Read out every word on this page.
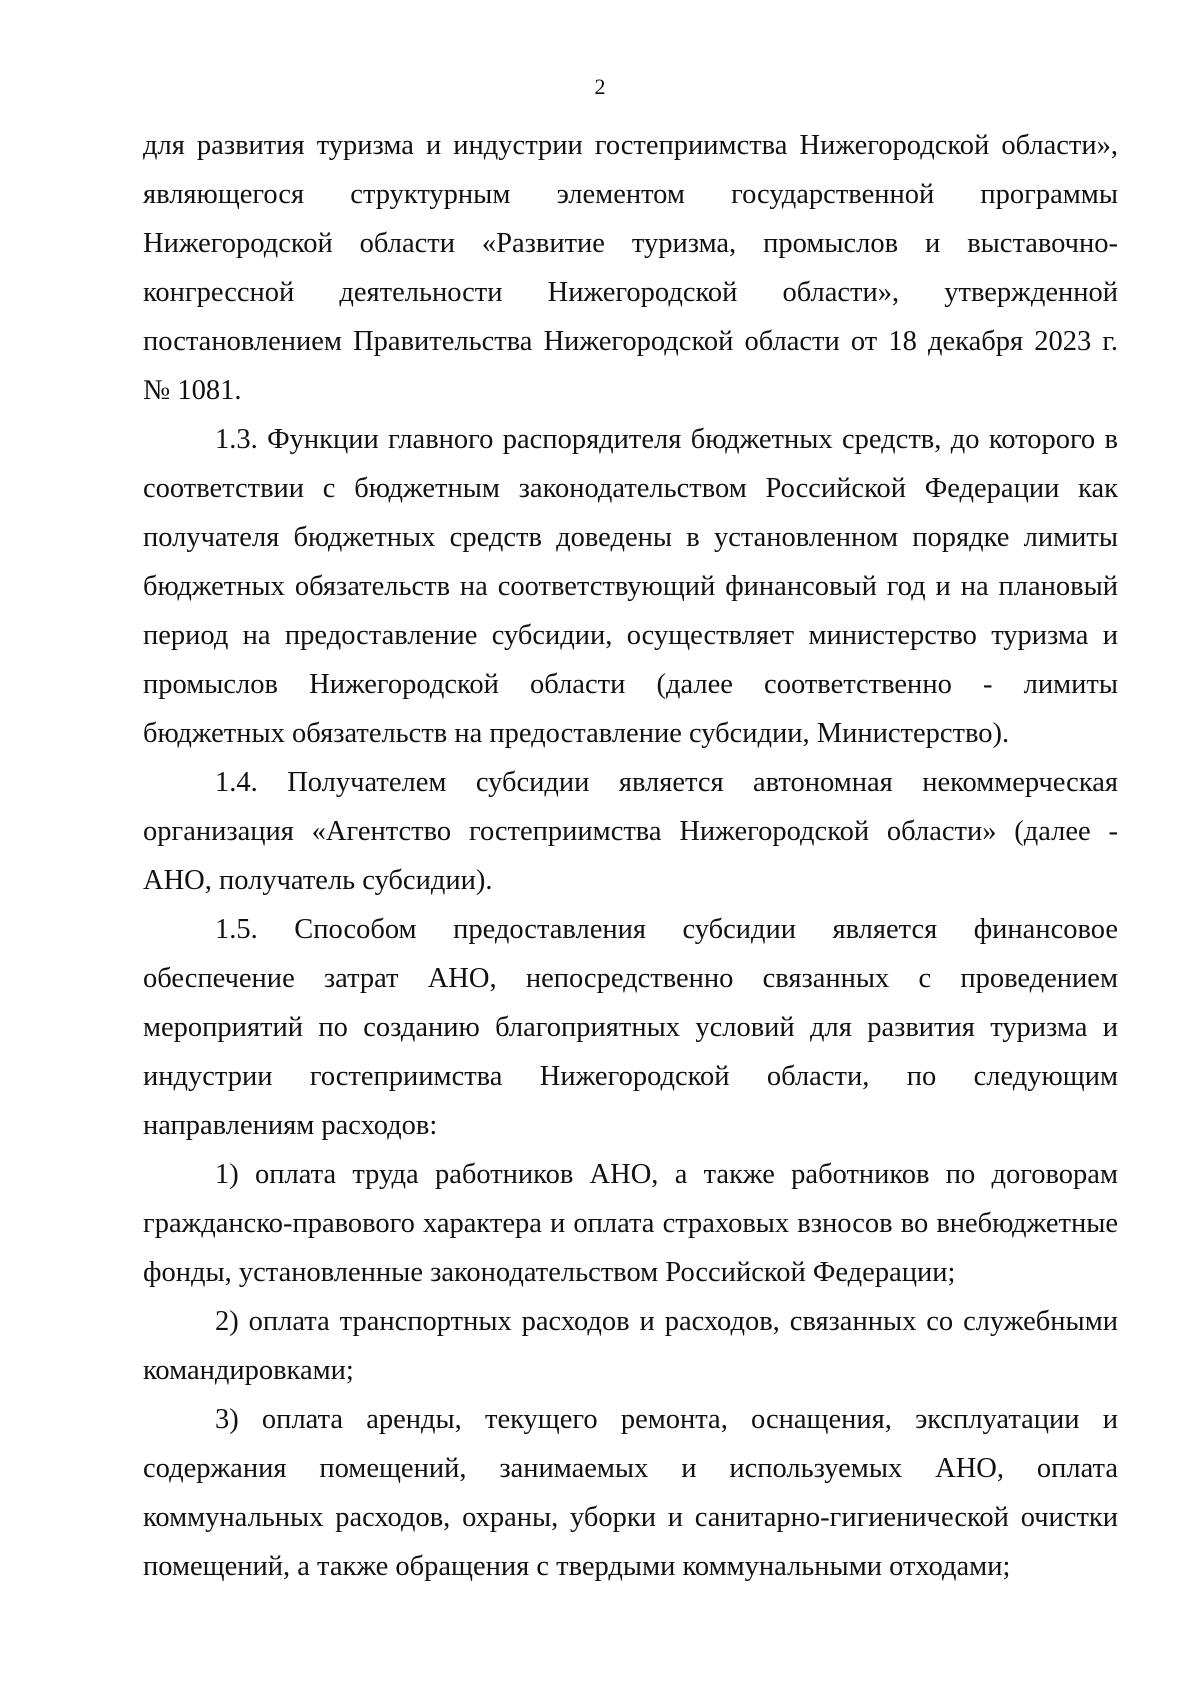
2

для развития туризма и индустрии гостеприимства Нижегородской области», являющегося структурным элементом государственной программы Нижегородской области «Развитие туризма, промыслов и выставочно-конгрессной деятельности Нижегородской области», утвержденной постановлением Правительства Нижегородской области от 18 декабря 2023 г. № 1081.

1.3. Функции главного распорядителя бюджетных средств, до которого в соответствии с бюджетным законодательством Российской Федерации как получателя бюджетных средств доведены в установленном порядке лимиты бюджетных обязательств на соответствующий финансовый год и на плановый период на предоставление субсидии, осуществляет министерство туризма и промыслов Нижегородской области (далее соответственно - лимиты бюджетных обязательств на предоставление субсидии, Министерство).

1.4. Получателем субсидии является автономная некоммерческая организация «Агентство гостеприимства Нижегородской области» (далее - АНО, получатель субсидии).

1.5. Способом предоставления субсидии является финансовое обеспечение затрат АНО, непосредственно связанных с проведением мероприятий по созданию благоприятных условий для развития туризма и индустрии гостеприимства Нижегородской области, по следующим направлениям расходов:

1) оплата труда работников АНО, а также работников по договорам гражданско-правового характера и оплата страховых взносов во внебюджетные фонды, установленные законодательством Российской Федерации;

2) оплата транспортных расходов и расходов, связанных со служебными командировками;

3) оплата аренды, текущего ремонта, оснащения, эксплуатации и содержания помещений, занимаемых и используемых АНО, оплата коммунальных расходов, охраны, уборки и санитарно-гигиенической очистки помещений, а также обращения с твердыми коммунальными отходами;
